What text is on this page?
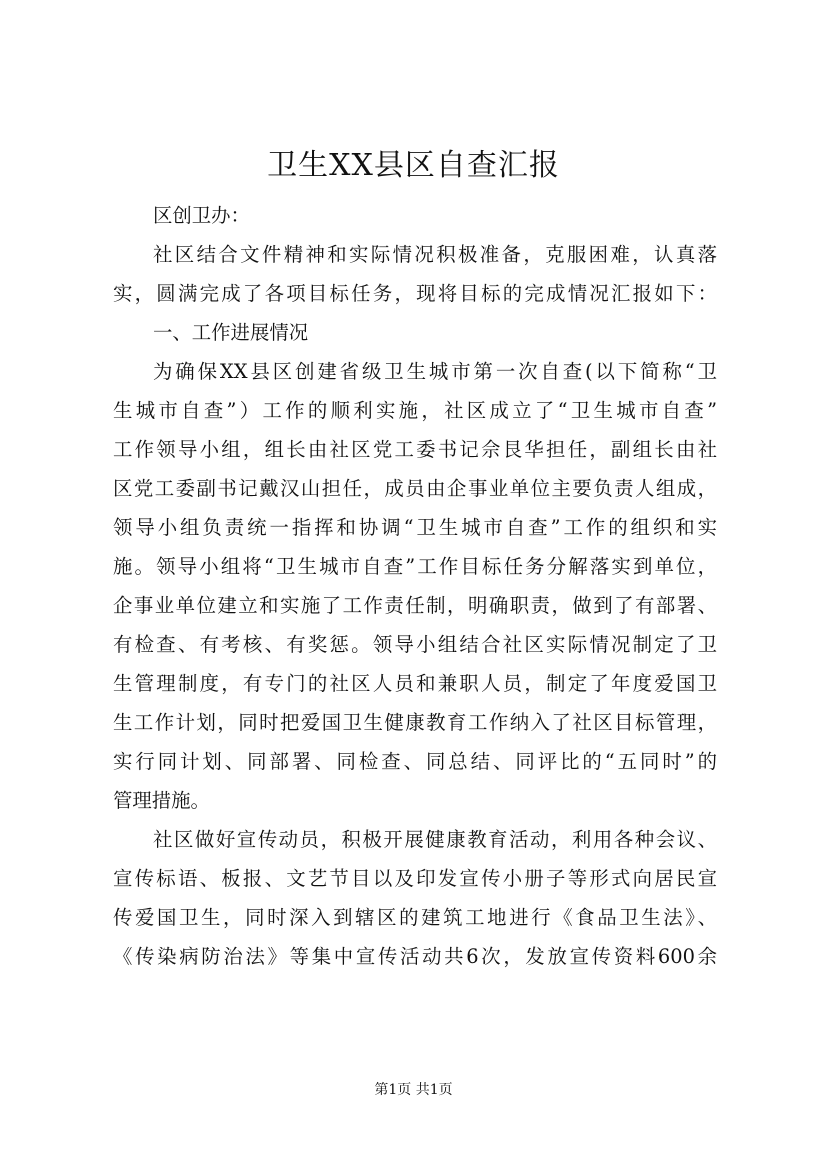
卫生XX县区自查汇报
区创卫办：
社区结合文件精神和实际情况积极准备，克服困难，认真落
实，圆满完成了各项目标任务，现将目标的完成情况汇报如下：
一、工作进展情况
为确保XX县区创建省级卫生城市第一次自查(以下简称“卫
生城市自查”）工作的顺利实施，社区成立了“卫生城市自查”
工作领导小组，组长由社区党工委书记佘艮华担任，副组长由社
区党工委副书记戴汉山担任，成员由企事业单位主要负责人组成，
领导小组负责统一指挥和协调“卫生城市自查”工作的组织和实
施。领导小组将“卫生城市自查”工作目标任务分解落实到单位，
企事业单位建立和实施了工作责任制，明确职责，做到了有部署、
有检查、有考核、有奖惩。领导小组结合社区实际情况制定了卫
生管理制度，有专门的社区人员和兼职人员，制定了年度爱国卫
生工作计划，同时把爱国卫生健康教育工作纳入了社区目标管理，
实行同计划、同部署、同检查、同总结、同评比的“五同时”的
管理措施。
社区做好宣传动员，积极开展健康教育活动，利用各种会议、
宣传标语、板报、文艺节目以及印发宣传小册子等形式向居民宣
传爱国卫生，同时深入到辖区的建筑工地进行《食品卫生法》、
《传染病防治法》等集中宣传活动共6次，发放宣传资料600余
第1页 共1页
